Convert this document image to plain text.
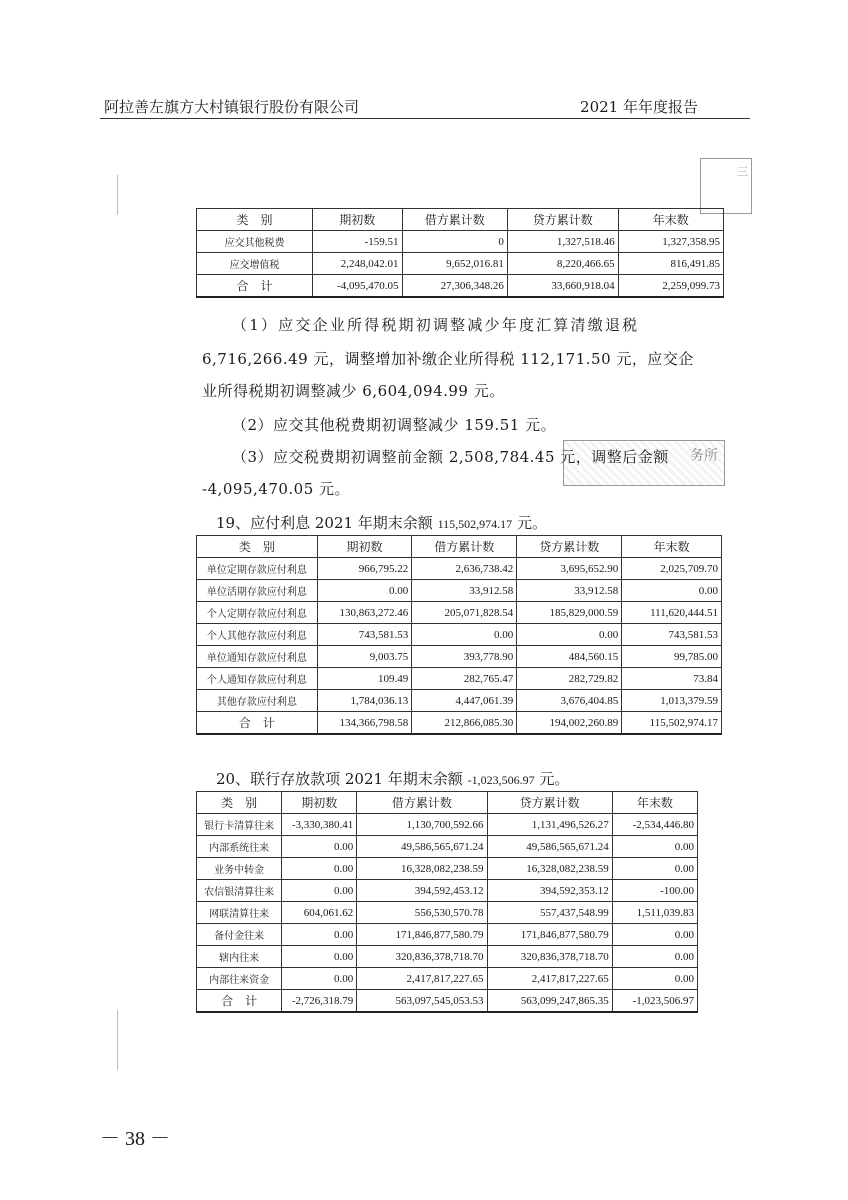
阿拉善左旗方大村镇银行股份有限公司	2021 年年度报告
三
务所
类　别	期初数	借方累计数	贷方累计数	年末数
应交其他税费	-159.51	0	1,327,518.46	1,327,358.95
应交增值税	2,248,042.01	9,652,016.81	8,220,466.65	816,491.85
合　计	-4,095,470.05	27,306,348.26	33,660,918.04	2,259,099.73
（1）应交企业所得税期初调整减少年度汇算清缴退税
6,716,266.49 元，调整增加补缴企业所得税 112,171.50 元，应交企
业所得税期初调整减少 6,604,094.99 元。
（2）应交其他税费期初调整减少 159.51 元。
（3）应交税费期初调整前金额 2,508,784.45 元，调整后金额
-4,095,470.05 元。
19、应付利息 2021 年期末余额 115,502,974.17 元。
类　别	期初数	借方累计数	贷方累计数	年末数
单位定期存款应付利息	966,795.22	2,636,738.42	3,695,652.90	2,025,709.70
单位活期存款应付利息	0.00	33,912.58	33,912.58	0.00
个人定期存款应付利息	130,863,272.46	205,071,828.54	185,829,000.59	111,620,444.51
个人其他存款应付利息	743,581.53	0.00	0.00	743,581.53
单位通知存款应付利息	9,003.75	393,778.90	484,560.15	99,785.00
个人通知存款应付利息	109.49	282,765.47	282,729.82	73.84
其他存款应付利息	1,784,036.13	4,447,061.39	3,676,404.85	1,013,379.59
合　计	134,366,798.58	212,866,085.30	194,002,260.89	115,502,974.17
20、联行存放款项 2021 年期末余额 -1,023,506.97 元。
类　别	期初数	借方累计数	贷方累计数	年末数
银行卡清算往来	-3,330,380.41	1,130,700,592.66	1,131,496,526.27	-2,534,446.80
内部系统往来	0.00	49,586,565,671.24	49,586,565,671.24	0.00
业务中转金	0.00	16,328,082,238.59	16,328,082,238.59	0.00
农信银清算往来	0.00	394,592,453.12	394,592,353.12	-100.00
网联清算往来	604,061.62	556,530,570.78	557,437,548.99	1,511,039.83
备付金往来	0.00	171,846,877,580.79	171,846,877,580.79	0.00
辖内往来	0.00	320,836,378,718.70	320,836,378,718.70	0.00
内部往来资金	0.00	2,417,817,227.65	2,417,817,227.65	0.00
合　计	-2,726,318.79	563,097,545,053.53	563,099,247,865.35	-1,023,506.97
－ 38 －
